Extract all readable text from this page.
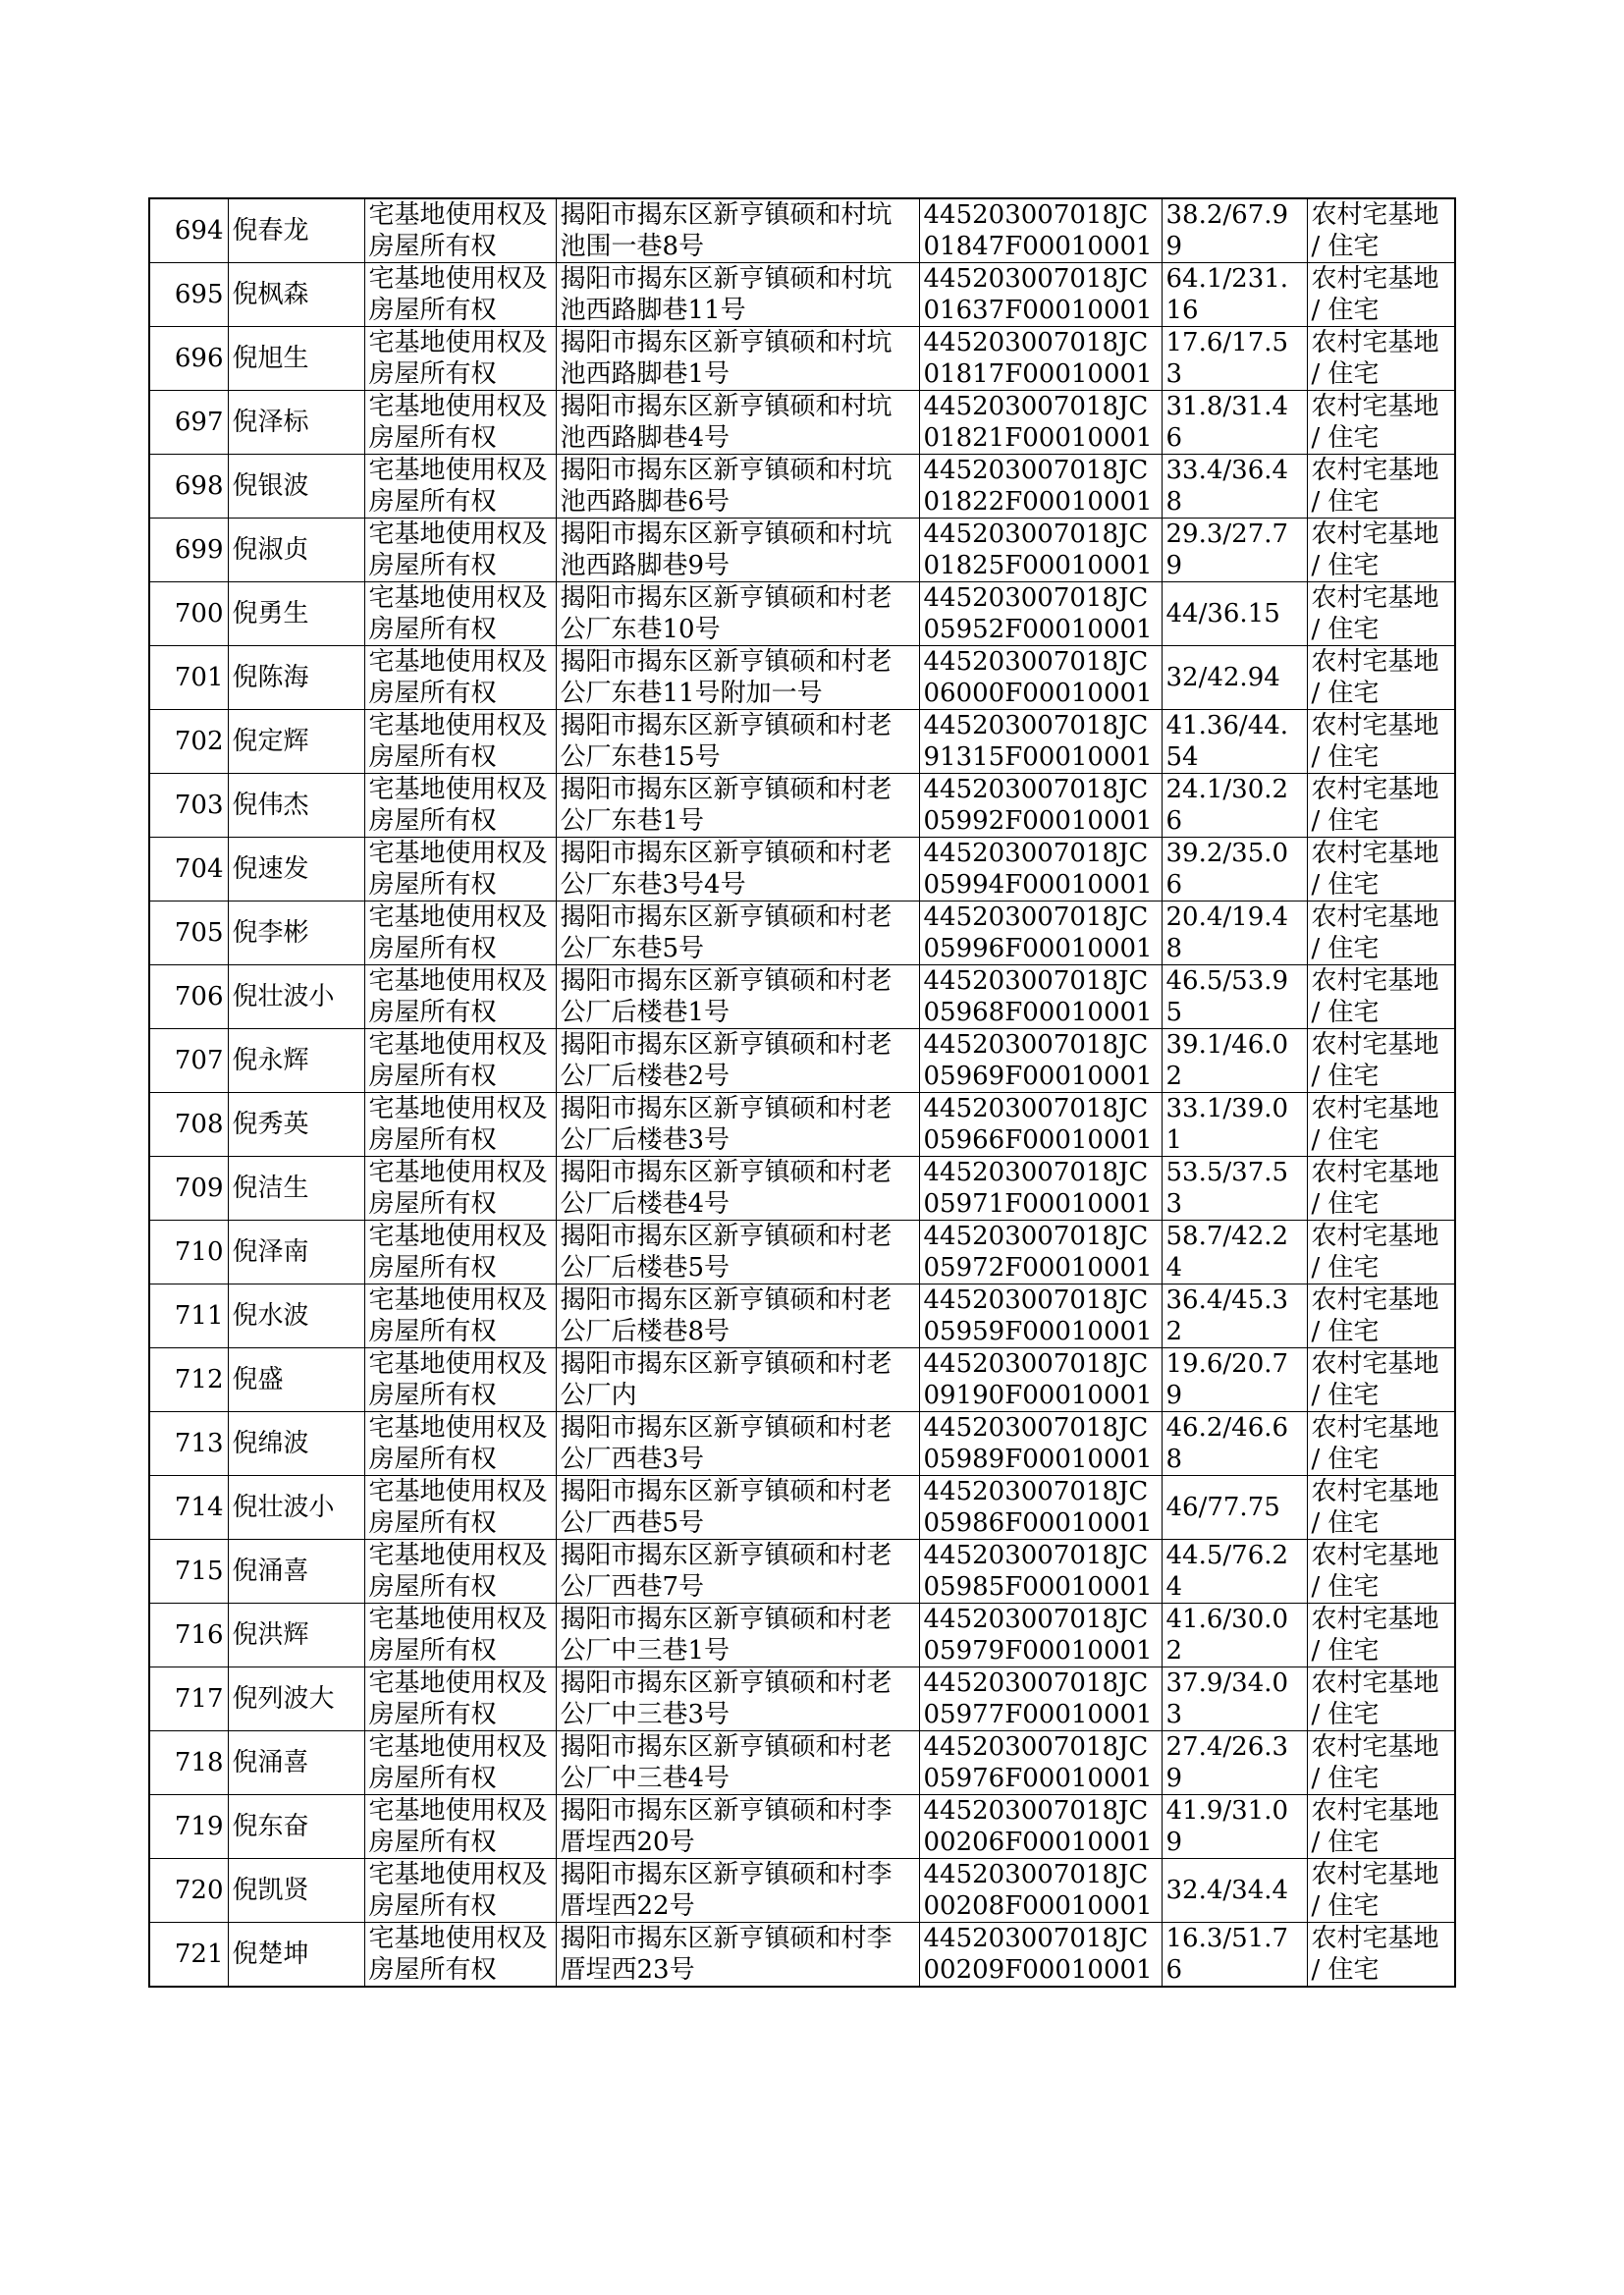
694	倪春龙	宅基地使用权及房屋所有权	揭阳市揭东区新亨镇硕和村坑池围一巷8号	445203007018JC01847F00010001	38.2/67.99	农村宅基地 / 住宅
695	倪枫森	宅基地使用权及房屋所有权	揭阳市揭东区新亨镇硕和村坑池西路脚巷11号	445203007018JC01637F00010001	64.1/231.16	农村宅基地 / 住宅
696	倪旭生	宅基地使用权及房屋所有权	揭阳市揭东区新亨镇硕和村坑池西路脚巷1号	445203007018JC01817F00010001	17.6/17.53	农村宅基地 / 住宅
697	倪泽标	宅基地使用权及房屋所有权	揭阳市揭东区新亨镇硕和村坑池西路脚巷4号	445203007018JC01821F00010001	31.8/31.46	农村宅基地 / 住宅
698	倪银波	宅基地使用权及房屋所有权	揭阳市揭东区新亨镇硕和村坑池西路脚巷6号	445203007018JC01822F00010001	33.4/36.48	农村宅基地 / 住宅
699	倪淑贞	宅基地使用权及房屋所有权	揭阳市揭东区新亨镇硕和村坑池西路脚巷9号	445203007018JC01825F00010001	29.3/27.79	农村宅基地 / 住宅
700	倪勇生	宅基地使用权及房屋所有权	揭阳市揭东区新亨镇硕和村老公厂东巷10号	445203007018JC05952F00010001	44/36.15	农村宅基地 / 住宅
701	倪陈海	宅基地使用权及房屋所有权	揭阳市揭东区新亨镇硕和村老公厂东巷11号附加一号	445203007018JC06000F00010001	32/42.94	农村宅基地 / 住宅
702	倪定辉	宅基地使用权及房屋所有权	揭阳市揭东区新亨镇硕和村老公厂东巷15号	445203007018JC91315F00010001	41.36/44.54	农村宅基地 / 住宅
703	倪伟杰	宅基地使用权及房屋所有权	揭阳市揭东区新亨镇硕和村老公厂东巷1号	445203007018JC05992F00010001	24.1/30.26	农村宅基地 / 住宅
704	倪速发	宅基地使用权及房屋所有权	揭阳市揭东区新亨镇硕和村老公厂东巷3号4号	445203007018JC05994F00010001	39.2/35.06	农村宅基地 / 住宅
705	倪李彬	宅基地使用权及房屋所有权	揭阳市揭东区新亨镇硕和村老公厂东巷5号	445203007018JC05996F00010001	20.4/19.48	农村宅基地 / 住宅
706	倪壮波小	宅基地使用权及房屋所有权	揭阳市揭东区新亨镇硕和村老公厂后楼巷1号	445203007018JC05968F00010001	46.5/53.95	农村宅基地 / 住宅
707	倪永辉	宅基地使用权及房屋所有权	揭阳市揭东区新亨镇硕和村老公厂后楼巷2号	445203007018JC05969F00010001	39.1/46.02	农村宅基地 / 住宅
708	倪秀英	宅基地使用权及房屋所有权	揭阳市揭东区新亨镇硕和村老公厂后楼巷3号	445203007018JC05966F00010001	33.1/39.01	农村宅基地 / 住宅
709	倪洁生	宅基地使用权及房屋所有权	揭阳市揭东区新亨镇硕和村老公厂后楼巷4号	445203007018JC05971F00010001	53.5/37.53	农村宅基地 / 住宅
710	倪泽南	宅基地使用权及房屋所有权	揭阳市揭东区新亨镇硕和村老公厂后楼巷5号	445203007018JC05972F00010001	58.7/42.24	农村宅基地 / 住宅
711	倪水波	宅基地使用权及房屋所有权	揭阳市揭东区新亨镇硕和村老公厂后楼巷8号	445203007018JC05959F00010001	36.4/45.32	农村宅基地 / 住宅
712	倪盛	宅基地使用权及房屋所有权	揭阳市揭东区新亨镇硕和村老公厂内	445203007018JC09190F00010001	19.6/20.79	农村宅基地 / 住宅
713	倪绵波	宅基地使用权及房屋所有权	揭阳市揭东区新亨镇硕和村老公厂西巷3号	445203007018JC05989F00010001	46.2/46.68	农村宅基地 / 住宅
714	倪壮波小	宅基地使用权及房屋所有权	揭阳市揭东区新亨镇硕和村老公厂西巷5号	445203007018JC05986F00010001	46/77.75	农村宅基地 / 住宅
715	倪涌喜	宅基地使用权及房屋所有权	揭阳市揭东区新亨镇硕和村老公厂西巷7号	445203007018JC05985F00010001	44.5/76.24	农村宅基地 / 住宅
716	倪洪辉	宅基地使用权及房屋所有权	揭阳市揭东区新亨镇硕和村老公厂中三巷1号	445203007018JC05979F00010001	41.6/30.02	农村宅基地 / 住宅
717	倪列波大	宅基地使用权及房屋所有权	揭阳市揭东区新亨镇硕和村老公厂中三巷3号	445203007018JC05977F00010001	37.9/34.03	农村宅基地 / 住宅
718	倪涌喜	宅基地使用权及房屋所有权	揭阳市揭东区新亨镇硕和村老公厂中三巷4号	445203007018JC05976F00010001	27.4/26.39	农村宅基地 / 住宅
719	倪东奋	宅基地使用权及房屋所有权	揭阳市揭东区新亨镇硕和村李厝埕西20号	445203007018JC00206F00010001	41.9/31.09	农村宅基地 / 住宅
720	倪凯贤	宅基地使用权及房屋所有权	揭阳市揭东区新亨镇硕和村李厝埕西22号	445203007018JC00208F00010001	32.4/34.4	农村宅基地 / 住宅
721	倪楚坤	宅基地使用权及房屋所有权	揭阳市揭东区新亨镇硕和村李厝埕西23号	445203007018JC00209F00010001	16.3/51.76	农村宅基地 / 住宅
